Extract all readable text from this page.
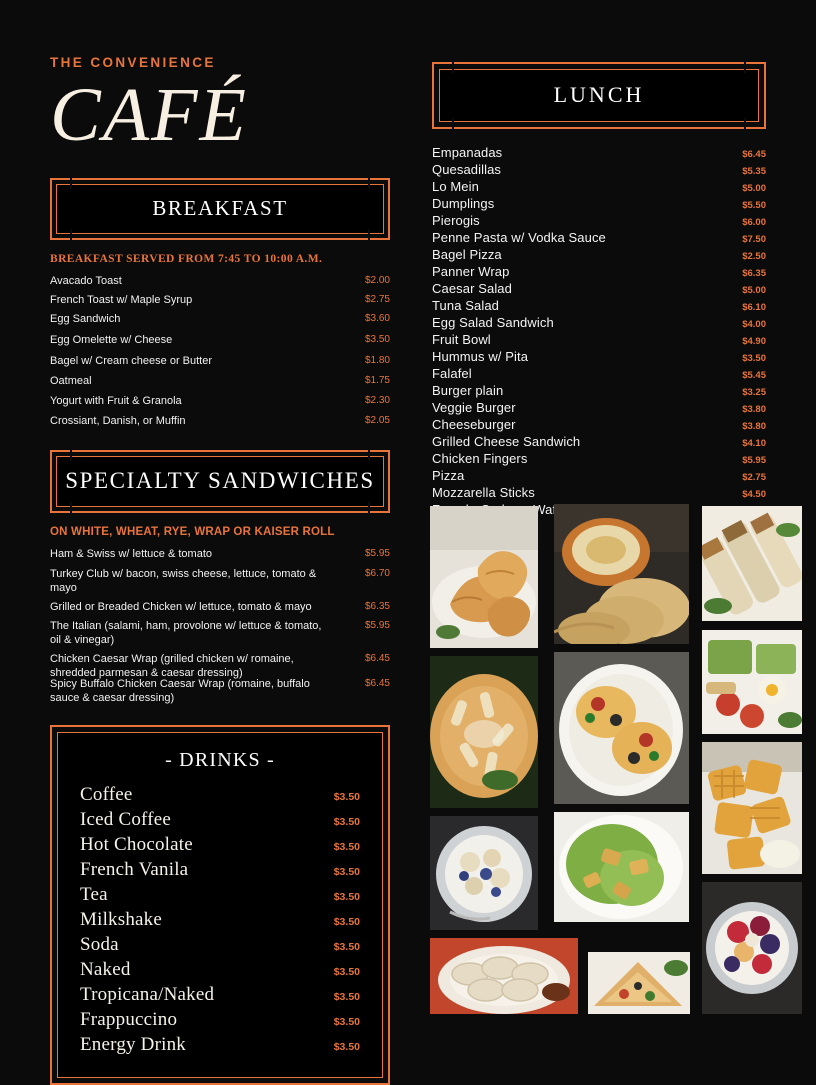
THE CONVENIENCE
CAFÉ
BREAKFAST
BREAKFAST SERVED FROM 7:45 TO 10:00 A.M.
Avacado Toast	$2.00
French Toast w/ Maple Syrup	$2.75
Egg Sandwich	$3.60
Egg Omelette w/ Cheese	$3.50
Bagel w/ Cream cheese or Butter	$1.80
Oatmeal	$1.75
Yogurt with Fruit & Granola	$2.30
Crossiant, Danish, or Muffin	$2.05
SPECIALTY SANDWICHES
ON WHITE, WHEAT, RYE, WRAP OR KAISER ROLL
Ham & Swiss w/ lettuce & tomato	$5.95
Turkey Club w/ bacon, swiss cheese, lettuce, tomato & mayo
$6.70
Grilled or Breaded Chicken w/ lettuce, tomato & mayo	$6.35
The Italian (salami, ham, provolone w/ lettuce & tomato, oil & vinegar)
$5.95
Chicken Caesar Wrap (grilled chicken w/ romaine, shredded parmesan & caesar dressing)
$6.45
Spicy Buffalo Chicken Caesar Wrap (romaine, buffalo sauce & caesar dressing)
$6.45
- DRINKS -
Coffee	$3.50
Iced Coffee	$3.50
Hot Chocolate	$3.50
French Vanila	$3.50
Tea	$3.50
Milkshake	$3.50
Soda	$3.50
Naked	$3.50
Tropicana/Naked	$3.50
Frappuccino	$3.50
Energy Drink	$3.50
LUNCH
Empanadas	$6.45
Quesadillas	$5.35
Lo Mein	$5.00
Dumplings	$5.50
Pierogis	$6.00
Penne Pasta w/ Vodka Sauce	$7.50
Bagel Pizza	$2.50
Panner Wrap	$6.35
Caesar Salad	$5.00
Tuna Salad	$6.10
Egg Salad Sandwich	$4.00
Fruit Bowl	$4.90
Hummus w/ Pita	$3.50
Falafel	$5.45
Burger plain	$3.25
Veggie Burger	$3.80
Cheeseburger	$3.80
Grilled Cheese Sandwich	$4.10
Chicken Fingers	$5.95
Pizza	$2.75
Mozzarella Sticks	$4.50
Waffle
